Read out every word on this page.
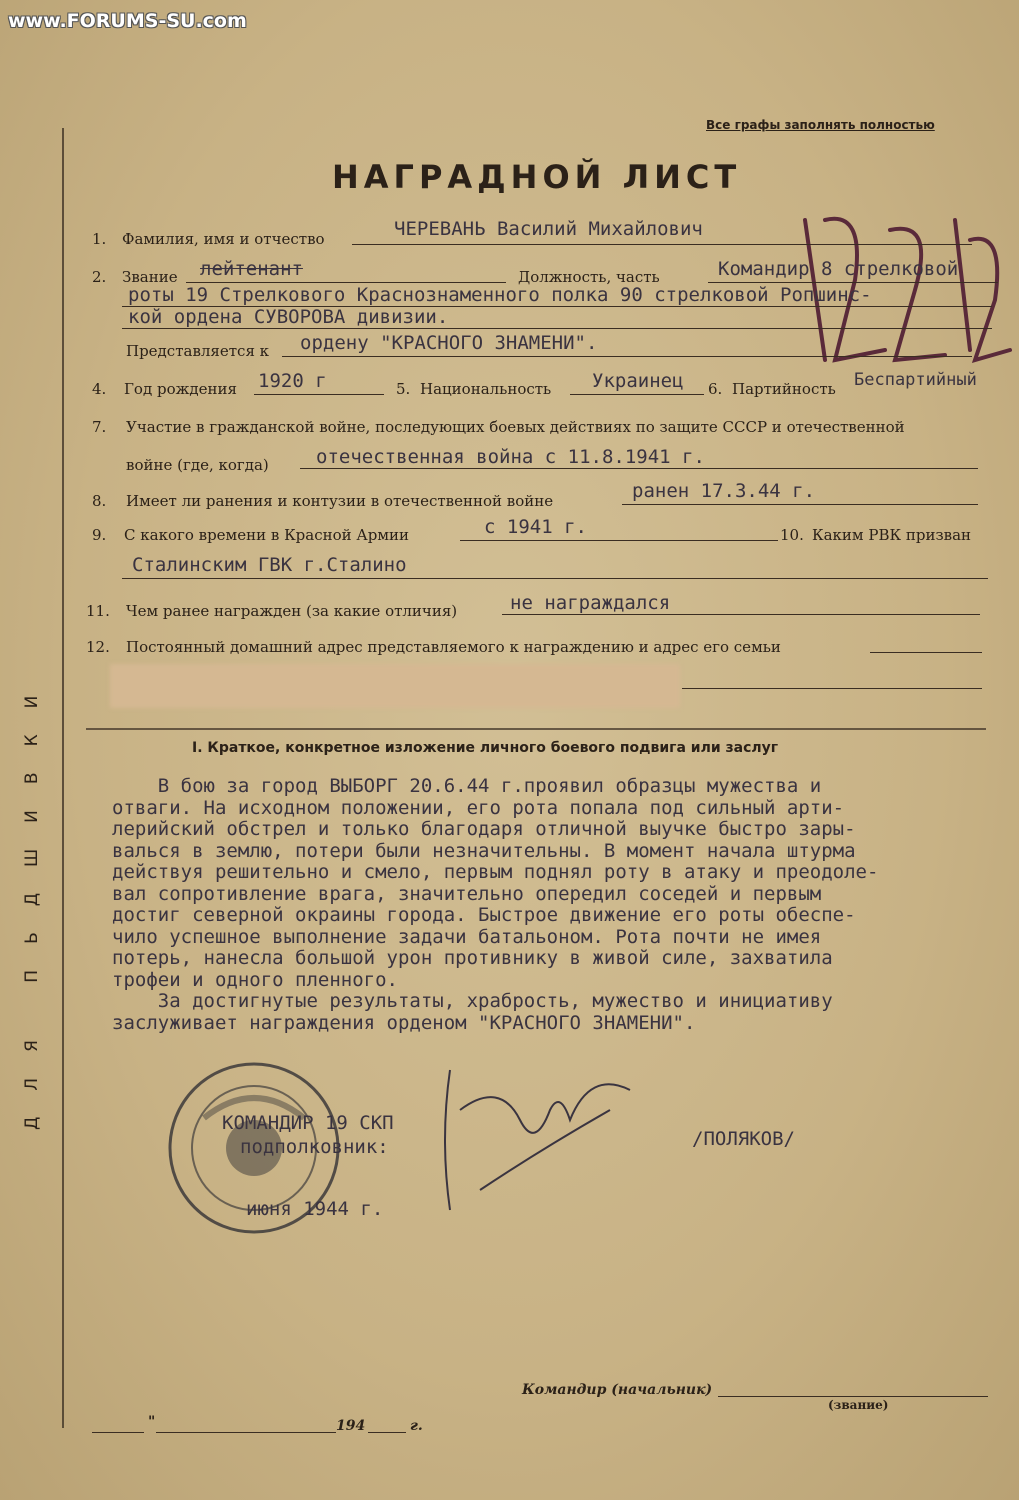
www.FORUMS-SU.com
ДЛЯ ПЬДШИВКИ
Все графы заполнять полностью
НАГРАДНОЙ ЛИСТ
1. Фамилия, имя и отчество	ЧЕРЕВАНЬ Василий Михайлович
2. Звание лейтенант	Должность, часть	Командир 8 стрелковой
роты 19 Стрелкового Краснознаменного полка 90 стрелковой Ропшинс-
кой ордена СУВОРОВА дивизии.
Представляется к ордену "КРАСНОГО ЗНАМЕНИ".
4. Год рождения 1920 г	5. Национальность Украинец 6. Партийность Беспартийный
7. Участие в гражданской войне, последующих боевых действиях по защите СССР и отечественной
войне (где, когда) отечественная война с 11.8.1941 г.
8. Имеет ли ранения и контузии в отечественной войне	ранен 17.3.44 г.
9. С какого времени в Красной Армии	с 1941 г.	10. Каким РВК призван
Сталинским ГВК г.Сталино
11. Чем ранее награжден (за какие отличия)	не награждался
12. Постоянный домашний адрес представляемого к награждению и адрес его семьи
I. Краткое, конкретное изложение личного боевого подвига или заслуг
В бою за город ВЫБОРГ 20.6.44 г.проявил образцы мужества и
отваги. На исходном положении, его рота попала под сильный арти-
лерийский обстрел и только благодаря отличной выучке быстро зары-
валься в землю, потери были незначительны. В момент начала штурма
действуя решительно и смело, первым поднял роту в атаку и преодоле-
вал сопротивление врага, значительно опередил соседей и первым
достиг северной окраины города. Быстрое движение его роты обеспе-
чило успешное выполнение задачи батальоном. Рота почти не имея
потерь, нанесла большой урон противнику в живой силе, захватила
трофеи и одного пленного.
За достигнутые результаты, храбрость, мужество и инициативу
заслуживает награждения орденом "КРАСНОГО ЗНАМЕНИ".
КОМАНДИР 19 СКП
подполковник:
июня 1944 г.
/ПОЛЯКОВ/
Командир (начальник)
(звание)
"	194	г.
